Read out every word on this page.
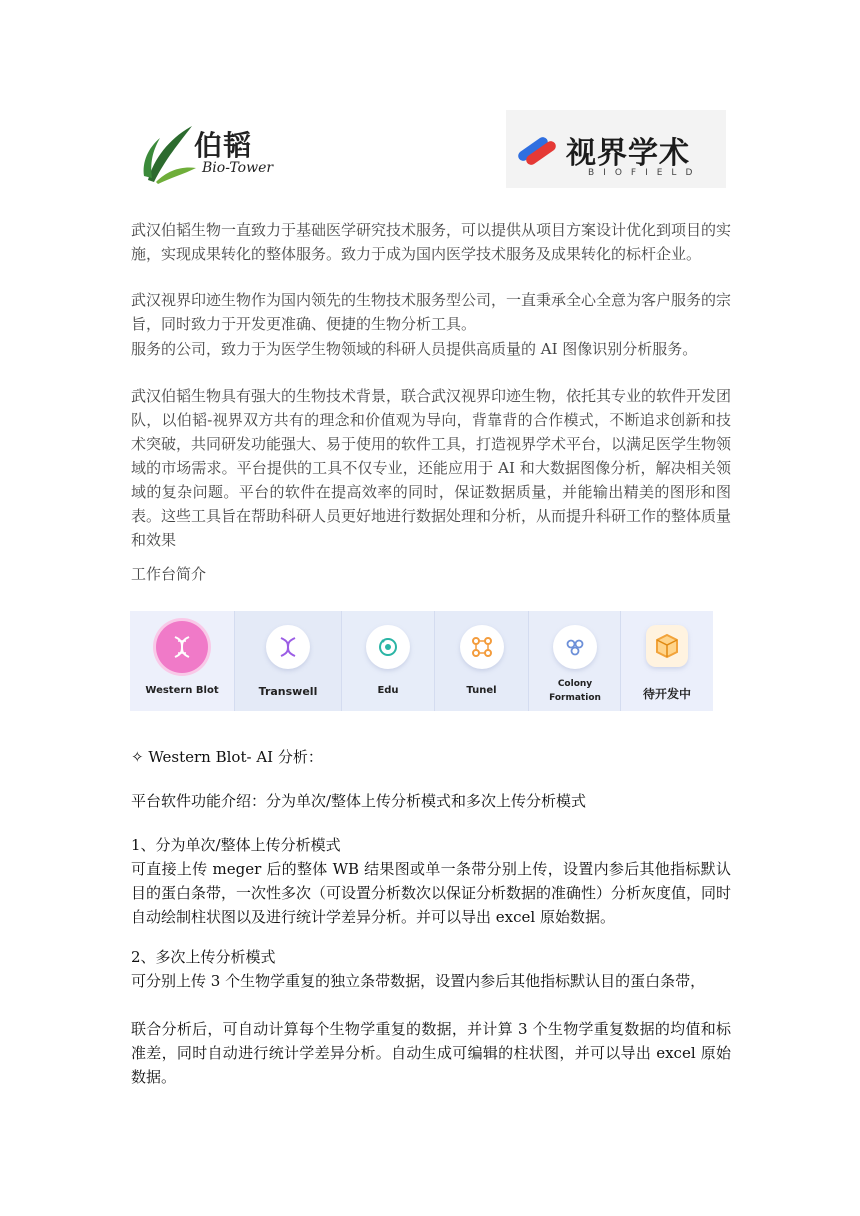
伯韬
Bio-Tower	视界学术
BIOFIELD
武汉伯韬生物一直致力于基础医学研究技术服务，可以提供从项目方案设计优化到项目的实施，实现成果转化的整体服务。致力于成为国内医学技术服务及成果转化的标杆企业。
武汉视界印迹生物作为国内领先的生物技术服务型公司，一直秉承全心全意为客户服务的宗旨，同时致力于开发更准确、便捷的生物分析工具。
服务的公司，致力于为医学生物领域的科研人员提供高质量的 AI 图像识别分析服务。
武汉伯韬生物具有强大的生物技术背景，联合武汉视界印迹生物，依托其专业的软件开发团队，以伯韬-视界双方共有的理念和价值观为导向，背靠背的合作模式，不断追求创新和技术突破，共同研发功能强大、易于使用的软件工具，打造视界学术平台，以满足医学生物领域的市场需求。平台提供的工具不仅专业，还能应用于 AI 和大数据图像分析，解决相关领域的复杂问题。平台的软件在提高效率的同时，保证数据质量，并能输出精美的图形和图表。这些工具旨在帮助科研人员更好地进行数据处理和分析，从而提升科研工作的整体质量和效果
工作台简介
Western Blot	Transwell	Edu	Tunel
Colony
Formation	待开发中
✧ Western Blot- AI 分析：
平台软件功能介绍：分为单次/整体上传分析模式和多次上传分析模式
1、分为单次/整体上传分析模式
可直接上传 meger 后的整体 WB 结果图或单一条带分别上传，设置内参后其他指标默认目的蛋白条带，一次性多次（可设置分析数次以保证分析数据的准确性）分析灰度值，同时自动绘制柱状图以及进行统计学差异分析。并可以导出 excel 原始数据。
2、多次上传分析模式
可分别上传 3 个生物学重复的独立条带数据，设置内参后其他指标默认目的蛋白条带，
联合分析后，可自动计算每个生物学重复的数据，并计算 3 个生物学重复数据的均值和标准差，同时自动进行统计学差异分析。自动生成可编辑的柱状图，并可以导出 excel 原始数据。
